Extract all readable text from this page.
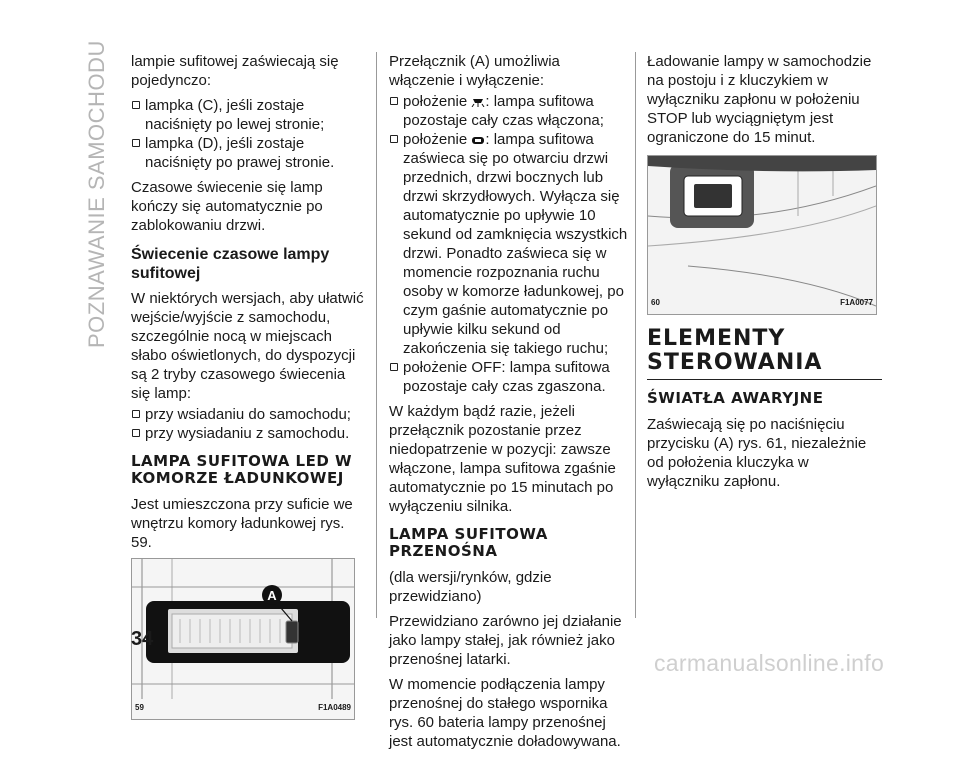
POZNAWANIE SAMOCHODU lampie sufitowej zaświecają się pojedynczo:

lampka (C), jeśli zostaje naciśnięty po lewej stronie;
lampka (D), jeśli zostaje naciśnięty po prawej stronie.

Czasowe świecenie się lamp kończy się automatycznie po zablokowaniu drzwi.

Świecenie czasowe lampy sufitowej

W niektórych wersjach, aby ułatwić wejście/wyjście z samochodu, szczególnie nocą w miejscach słabo oświetlonych, do dyspozycji są 2 tryby czasowego świecenia się lamp:

przy wsiadaniu do samochodu;
przy wysiadaniu z samochodu.

LAMPA SUFITOWA LED W KOMORZE ŁADUNKOWEJ

Jest umieszczona przy suficie we wnętrzu komory ładunkowej rys. 59.

A
59	F1A0489

Przełącznik (A) umożliwia włączenie i wyłączenie:

położenie : lampa sufitowa pozostaje cały czas włączona;
położenie : lampa sufitowa zaświeca się po otwarciu drzwi przednich, drzwi bocznych lub drzwi skrzydłowych. Wyłącza się automatycznie po upływie 10 sekund od zamknięcia wszystkich drzwi. Ponadto zaświeca się w momencie rozpoznania ruchu osoby w komorze ładunkowej, po czym gaśnie automatycznie po upływie kilku sekund od zakończenia się takiego ruchu;

położenie OFF: lampa sufitowa pozostaje cały czas zgaszona.

W każdym bądź razie, jeżeli przełącznik pozostanie przez niedopatrzenie w pozycji: zawsze włączone, lampa sufitowa zgaśnie automatycznie po 15 minutach po wyłączeniu silnika.

LAMPA SUFITOWA PRZENOŚNA

(dla wersji/rynków, gdzie przewidziano)

Przewidziano zarówno jej działanie jako lampy stałej, jak również jako przenośnej latarki.

W momencie podłączenia lampy przenośnej do stałego wspornika rys. 60 bateria lampy przenośnej jest automatycznie doładowywana.

Ładowanie lampy w samochodzie na postoju i z kluczykiem w wyłączniku zapłonu w położeniu STOP lub wyciągniętym jest ograniczone do 15 minut.

60	F1A0077
ELEMENTY STEROWANIA
ŚWIATŁA AWARYJNE

Zaświecają się po naciśnięciu przycisku (A) rys. 61, niezależnie od położenia kluczyka w wyłączniku zapłonu.

34
carmanualsonline.info
